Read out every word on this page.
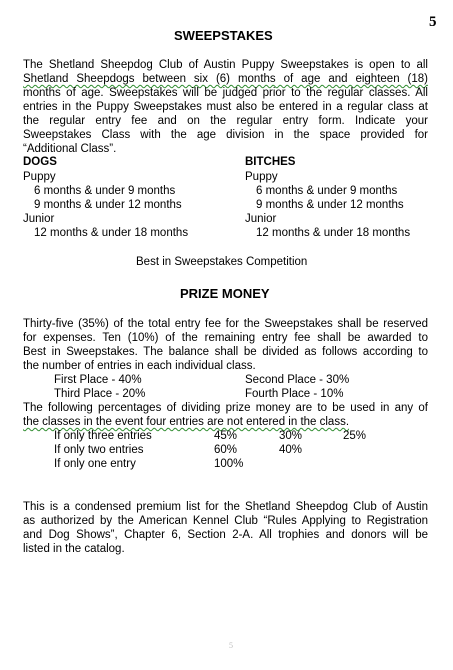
5
SWEEPSTAKES
The Shetland Sheepdog Club of Austin Puppy Sweepstakes is open to all
Shetland Sheepdogs between six (6) months of age and eighteen (18)
months of age. Sweepstakes will be judged prior to the regular classes. All
entries in the Puppy Sweepstakes must also be entered in a regular class at
the regular entry fee and on the regular entry form. Indicate your
Sweepstakes Class with the age division in the space provided for
“Additional Class”.
DOGS
Puppy
6 months & under 9 months
9 months & under 12 months
Junior
12 months & under 18 months
BITCHES
Puppy
6 months & under 9 months
9 months & under 12 months
Junior
12 months & under 18 months
Best in Sweepstakes Competition
PRIZE MONEY
Thirty-five (35%) of the total entry fee for the Sweepstakes shall be reserved
for expenses. Ten (10%) of the remaining entry fee shall be awarded to
Best in Sweepstakes. The balance shall be divided as follows according to
the number of entries in each individual class.
First Place - 40%	Second Place - 30%
Third Place - 20%	Fourth Place - 10%
The following percentages of dividing prize money are to be used in any of
the classes in the event four entries are not entered in the class.
If only three entries	45%	30%	25%
If only two entries	60%	40%
If only one entry	100%
This is a condensed premium list for the Shetland Sheepdog Club of Austin
as authorized by the American Kennel Club “Rules Applying to Registration
and Dog Shows”, Chapter 6, Section 2-A. All trophies and donors will be
listed in the catalog.
5
